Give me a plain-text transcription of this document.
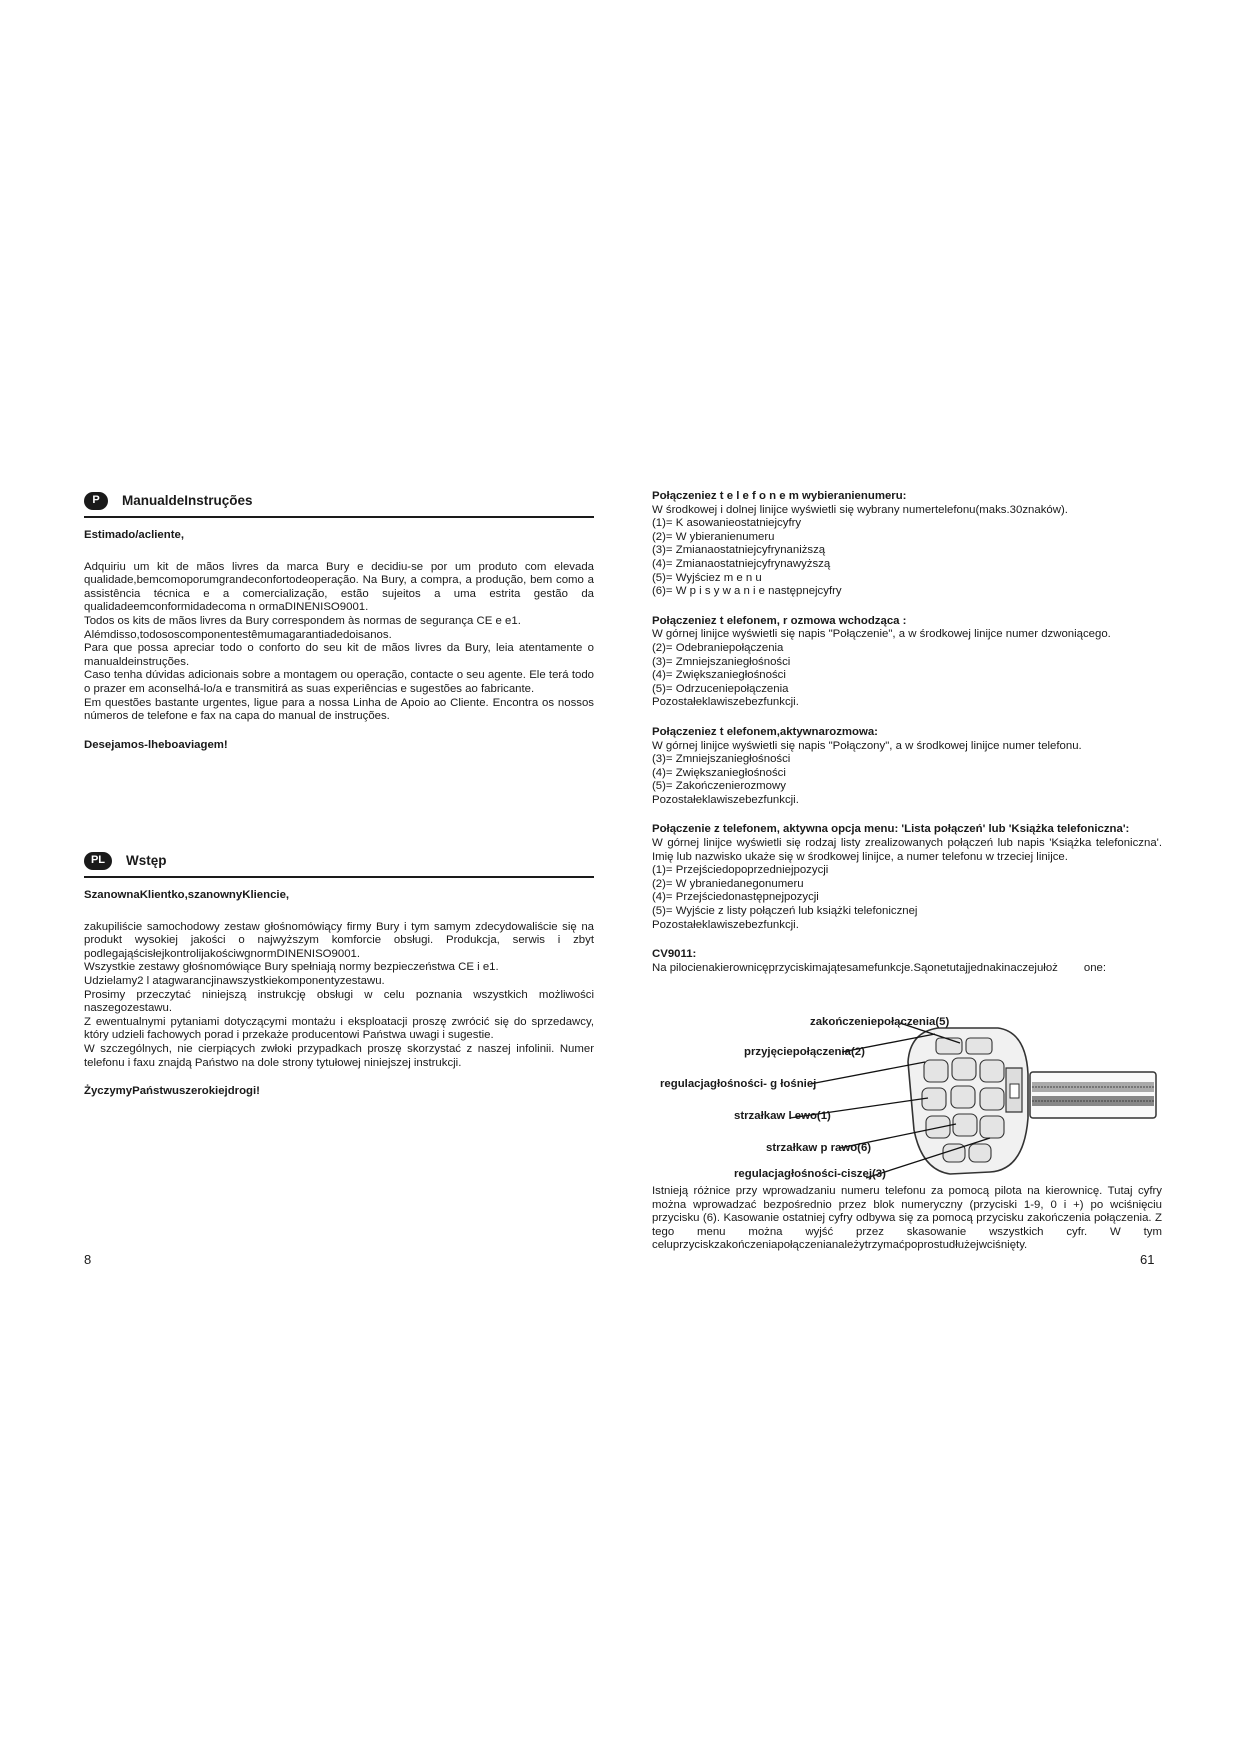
P	ManualdeInstruções

Estimado/acliente,

Adquiriu um kit de mãos livres da marca Bury e decidiu-se por um produto com elevada qualidade,bemcomoporumgrandeconfortodeoperação. Na Bury, a compra, a produção, bem como a assistência técnica e a comercialização, estão sujeitos a uma estrita gestão da qualidadeemconformidadecoma n ormaDINENISO9001.

Todos os kits de mãos livres da Bury correspondem às normas de segurança CE e e1.

Alémdisso,todososcomponentestêmumagarantiadedoisanos.

Para que possa apreciar todo o conforto do seu kit de mãos livres da Bury, leia atentamente o manualdeinstruções.

Caso tenha dúvidas adicionais sobre a montagem ou operação, contacte o seu agente. Ele terá todo o prazer em aconselhá-lo/a e transmitirá as suas experiências e sugestões ao fabricante.

Em questões bastante urgentes, ligue para a nossa Linha de Apoio ao Cliente. Encontra os nossos números de telefone e fax na capa do manual de instruções.

Desejamos-lheboaviagem!

PL	Wstęp

SzanownaKlientko,szanownyKliencie,

zakupiliście samochodowy zestaw głośnomówiący firmy Bury i tym samym zdecydowaliście się na produkt wysokiej jakości o najwyższym komforcie obsługi. Produkcja, serwis i zbyt podlegająścisłejkontrolijakościwgnormDINENISO9001.

Wszystkie zestawy głośnomówiące Bury spełniają normy bezpieczeństwa CE i e1.

Udzielamy2 l atagwarancjinawszystkiekomponentyzestawu.

Prosimy przeczytać niniejszą instrukcję obsługi w celu poznania wszystkich możliwości naszegozestawu.

Z ewentualnymi pytaniami dotyczącymi montażu i eksploatacji proszę zwrócić się do sprzedawcy, który udzieli fachowych porad i przekaże producentowi Państwa uwagi i sugestie.

W szczególnych, nie cierpiących zwłoki przypadkach proszę skorzystać z naszej infolinii. Numer telefonu i faxu znajdą Państwo na dole strony tytułowej niniejszej instrukcji.

ŻyczymyPaństwuszerokiejdrogi!

8

Połączeniez t e l e f o n e m wybieranienumeru:

W środkowej i dolnej linijce wyświetli się wybrany numertelefonu(maks.30znaków).

(1)= K asowanieostatniejcyfry

(2)= W ybieranienumeru

(3)= Zmianaostatniejcyfrynaniższą

(4)= Zmianaostatniejcyfrynawyższą

(5)= Wyjściez m e n u

(6)= W p i s y w a n i e następnejcyfry

Połączeniez t elefonem, r ozmowa wchodząca :

W górnej linijce wyświetli się napis "Połączenie", a w środkowej linijce numer dzwoniącego.

(2)= Odebraniepołączenia

(3)= Zmniejszaniegłośności

(4)= Zwiększaniegłośności

(5)= Odrzuceniepołączenia

Pozostałeklawiszebezfunkcji.

Połączeniez t elefonem,aktywnarozmowa:

W górnej linijce wyświetli się napis "Połączony", a w środkowej linijce numer telefonu.

(3)= Zmniejszaniegłośności

(4)= Zwiększaniegłośności

(5)= Zakończenierozmowy

Pozostałeklawiszebezfunkcji.

Połączenie z telefonem, aktywna opcja menu: 'Lista połączeń' lub 'Książka telefoniczna':

W górnej linijce wyświetli się rodzaj listy zrealizowanych połączeń lub napis 'Książka telefoniczna'. Imię lub nazwisko ukaże się w środkowej linijce, a numer telefonu w trzeciej linijce.

(1)= Przejściedopoprzedniejpozycji

(2)= W ybraniedanegonumeru

(4)= Przejściedonastępnejpozycji

(5)= Wyjście z listy połączeń lub książki telefonicznej

Pozostałeklawiszebezfunkcji.

CV9011:

Na pilocienakierownicęprzyciskimajątesamefunkcje.Sąonetutajjednakinaczejułoż one:

zakończeniepołączenia(5)
przyjęciepołączenia(2)
regulacjagłośności- g łośniej
strzałkaw l ewo(1)
strzałkaw p rawo(6)
regulacjagłośności-ciszej(3)

Istnieją różnice przy wprowadzaniu numeru telefonu za pomocą pilota na kierownicę. Tutaj cyfry można wprowadzać bezpośrednio przez blok numeryczny (przyciski 1-9, 0 i +) po wciśnięciu przycisku (6). Kasowanie ostatniej cyfry odbywa się za pomocą przycisku zakończenia połączenia. Z tego menu można wyjść przez skasowanie wszystkich cyfr. W tym celuprzyciskzakończeniapołączenianależytrzymaćpoprostudłużejwciśnięty.

61
